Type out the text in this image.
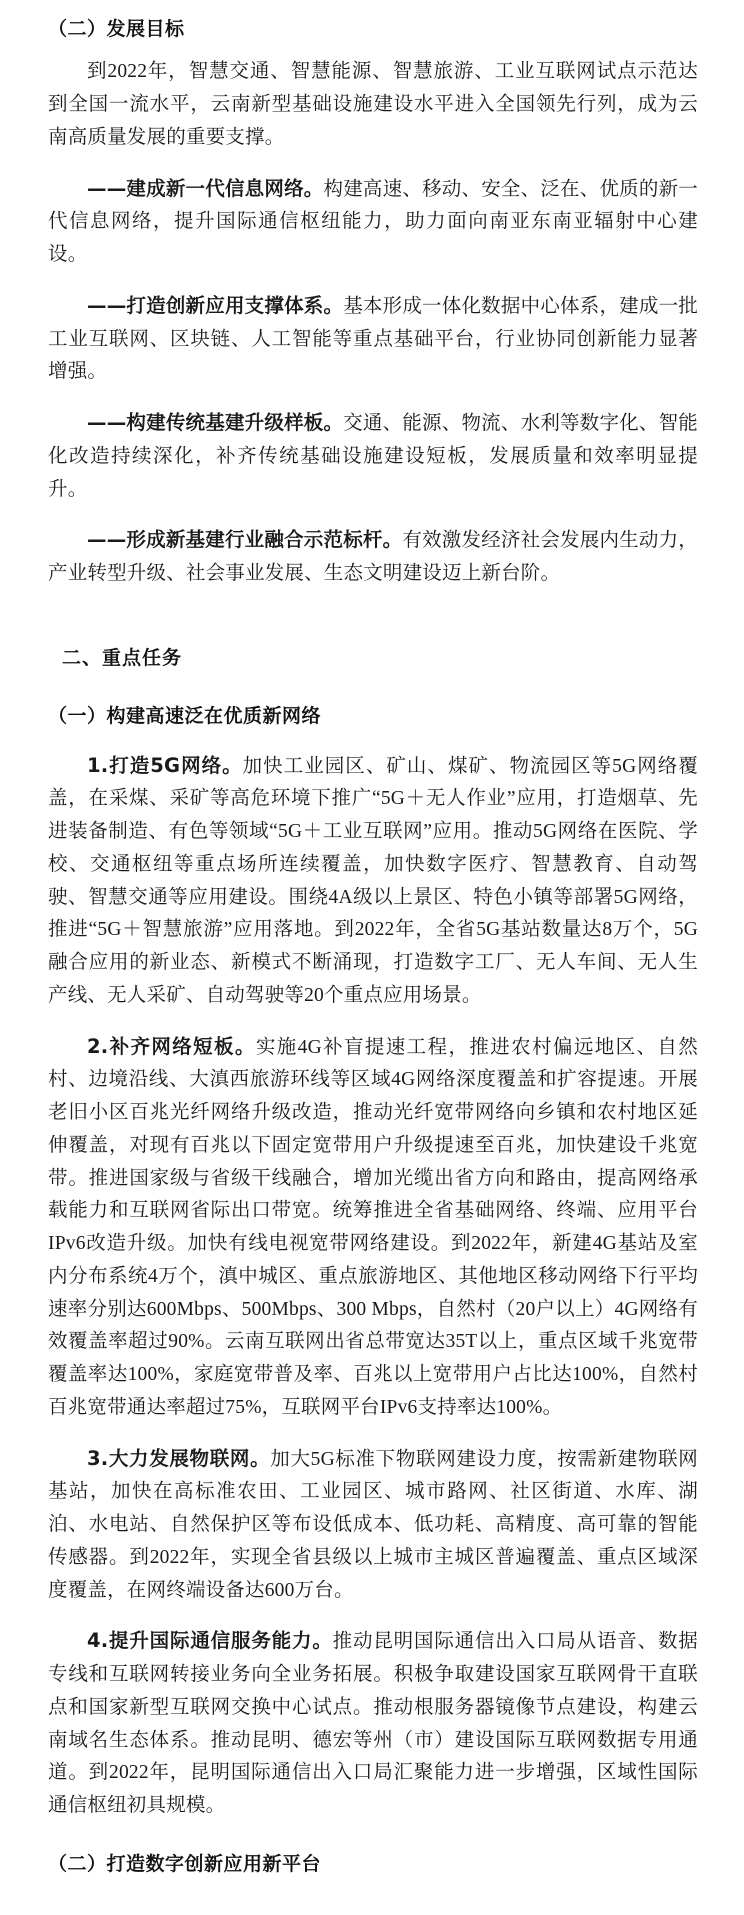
（二）发展目标

到2022年，智慧交通、智慧能源、智慧旅游、工业互联网试点示范达到全国一流水平，云南新型基础设施建设水平进入全国领先行列，成为云南高质量发展的重要支撑。

——建成新一代信息网络。构建高速、移动、安全、泛在、优质的新一代信息网络，提升国际通信枢纽能力，助力面向南亚东南亚辐射中心建设。

——打造创新应用支撑体系。基本形成一体化数据中心体系，建成一批工业互联网、区块链、人工智能等重点基础平台，行业协同创新能力显著增强。

——构建传统基建升级样板。交通、能源、物流、水利等数字化、智能化改造持续深化，补齐传统基础设施建设短板，发展质量和效率明显提升。

——形成新基建行业融合示范标杆。有效激发经济社会发展内生动力，产业转型升级、社会事业发展、生态文明建设迈上新台阶。

二、重点任务
（一）构建高速泛在优质新网络

1.打造5G网络。加快工业园区、矿山、煤矿、物流园区等5G网络覆盖，在采煤、采矿等高危环境下推广“5G＋无人作业”应用，打造烟草、先进装备制造、有色等领域“5G＋工业互联网”应用。推动5G网络在医院、学校、交通枢纽等重点场所连续覆盖，加快数字医疗、智慧教育、自动驾驶、智慧交通等应用建设。围绕4A级以上景区、特色小镇等部署5G网络，推进“5G＋智慧旅游”应用落地。到2022年，全省5G基站数量达8万个，5G融合应用的新业态、新模式不断涌现，打造数字工厂、无人车间、无人生产线、无人采矿、自动驾驶等20个重点应用场景。

2.补齐网络短板。实施4G补盲提速工程，推进农村偏远地区、自然村、边境沿线、大滇西旅游环线等区域4G网络深度覆盖和扩容提速。开展老旧小区百兆光纤网络升级改造，推动光纤宽带网络向乡镇和农村地区延伸覆盖，对现有百兆以下固定宽带用户升级提速至百兆，加快建设千兆宽带。推进国家级与省级干线融合，增加光缆出省方向和路由，提高网络承载能力和互联网省际出口带宽。统筹推进全省基础网络、终端、应用平台IPv6改造升级。加快有线电视宽带网络建设。到2022年，新建4G基站及室内分布系统4万个，滇中城区、重点旅游地区、其他地区移动网络下行平均速率分别达600Mbps、500Mbps、300 Mbps，自然村（20户以上）4G网络有效覆盖率超过90%。云南互联网出省总带宽达35T以上，重点区域千兆宽带覆盖率达100%，家庭宽带普及率、百兆以上宽带用户占比达100%，自然村百兆宽带通达率超过75%，互联网平台IPv6支持率达100%。

3.大力发展物联网。加大5G标准下物联网建设力度，按需新建物联网基站，加快在高标准农田、工业园区、城市路网、社区街道、水库、湖泊、水电站、自然保护区等布设低成本、低功耗、高精度、高可靠的智能传感器。到2022年，实现全省县级以上城市主城区普遍覆盖、重点区域深度覆盖，在网终端设备达600万台。

4.提升国际通信服务能力。推动昆明国际通信出入口局从语音、数据专线和互联网转接业务向全业务拓展。积极争取建设国家互联网骨干直联点和国家新型互联网交换中心试点。推动根服务器镜像节点建设，构建云南域名生态体系。推动昆明、德宏等州（市）建设国际互联网数据专用通道。到2022年，昆明国际通信出入口局汇聚能力进一步增强，区域性国际通信枢纽初具规模。

（二）打造数字创新应用新平台
